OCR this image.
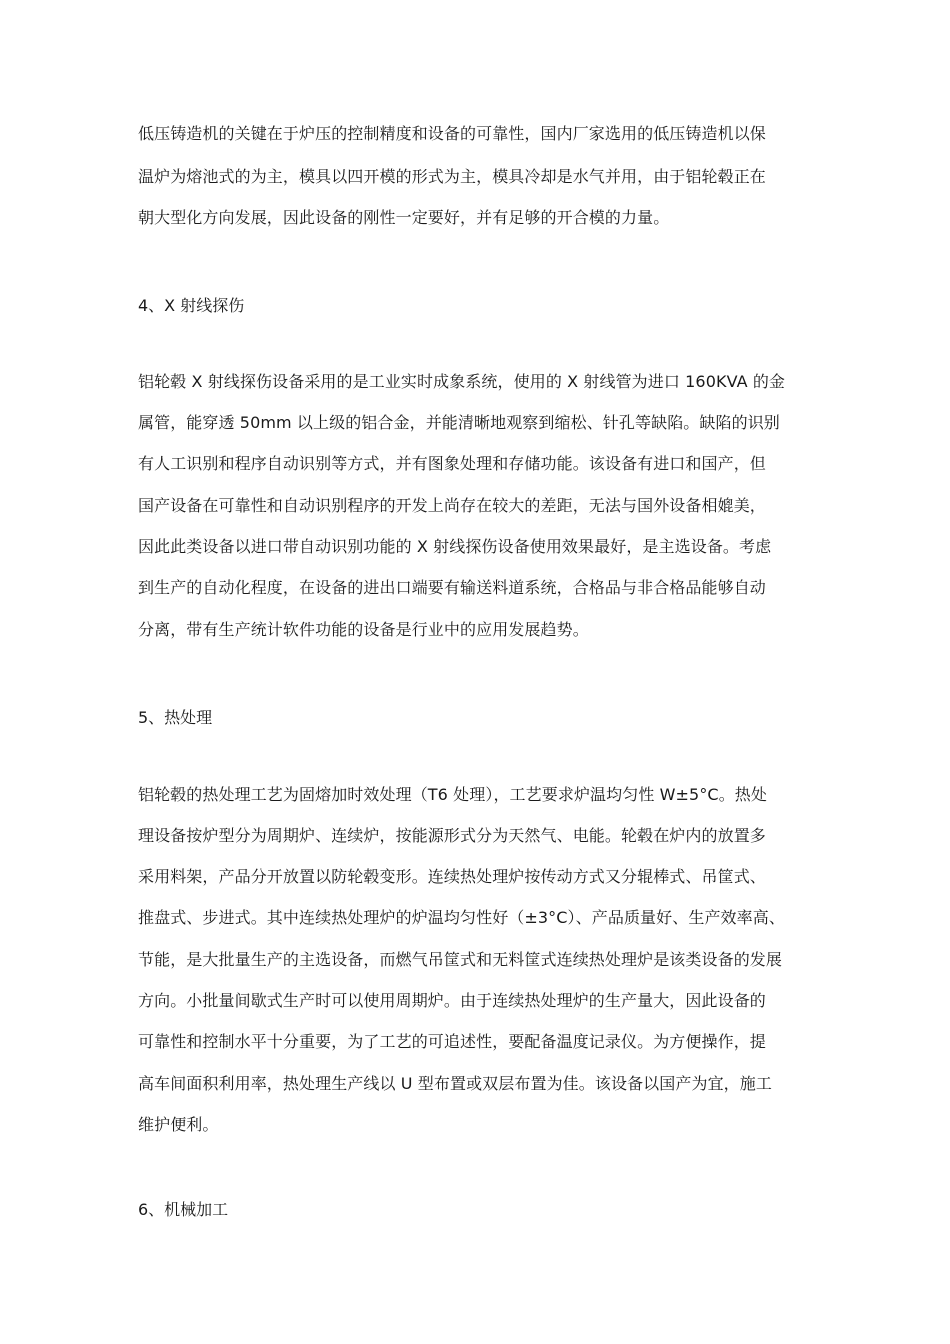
低压铸造机的关键在于炉压的控制精度和设备的可靠性，国内厂家选用的低压铸造机以保
温炉为熔池式的为主，模具以四开模的形式为主，模具冷却是水气并用，由于铝轮毂正在
朝大型化方向发展，因此设备的刚性一定要好，并有足够的开合模的力量。
4、X 射线探伤
铝轮毂 X 射线探伤设备采用的是工业实时成象系统，使用的 X 射线管为进口 160KVA 的金
属管，能穿透 50mm 以上级的铝合金，并能清晰地观察到缩松、针孔等缺陷。缺陷的识别
有人工识别和程序自动识别等方式，并有图象处理和存储功能。该设备有进口和国产，但
国产设备在可靠性和自动识别程序的开发上尚存在较大的差距，无法与国外设备相媲美，
因此此类设备以进口带自动识别功能的 X 射线探伤设备使用效果最好，是主选设备。考虑
到生产的自动化程度，在设备的进出口端要有输送料道系统，合格品与非合格品能够自动
分离，带有生产统计软件功能的设备是行业中的应用发展趋势。
5、热处理
铝轮毂的热处理工艺为固熔加时效处理（T6 处理），工艺要求炉温均匀性 W±5°C。热处
理设备按炉型分为周期炉、连续炉，按能源形式分为天然气、电能。轮毂在炉内的放置多
采用料架，产品分开放置以防轮毂变形。连续热处理炉按传动方式又分辊棒式、吊筐式、
推盘式、步进式。其中连续热处理炉的炉温均匀性好（±3°C）、产品质量好、生产效率高、
节能，是大批量生产的主选设备，而燃气吊筐式和无料筐式连续热处理炉是该类设备的发展
方向。小批量间歇式生产时可以使用周期炉。由于连续热处理炉的生产量大，因此设备的
可靠性和控制水平十分重要，为了工艺的可追述性，要配备温度记录仪。为方便操作，提
高车间面积利用率，热处理生产线以 U 型布置或双层布置为佳。该设备以国产为宜，施工
维护便利。
6、机械加工
